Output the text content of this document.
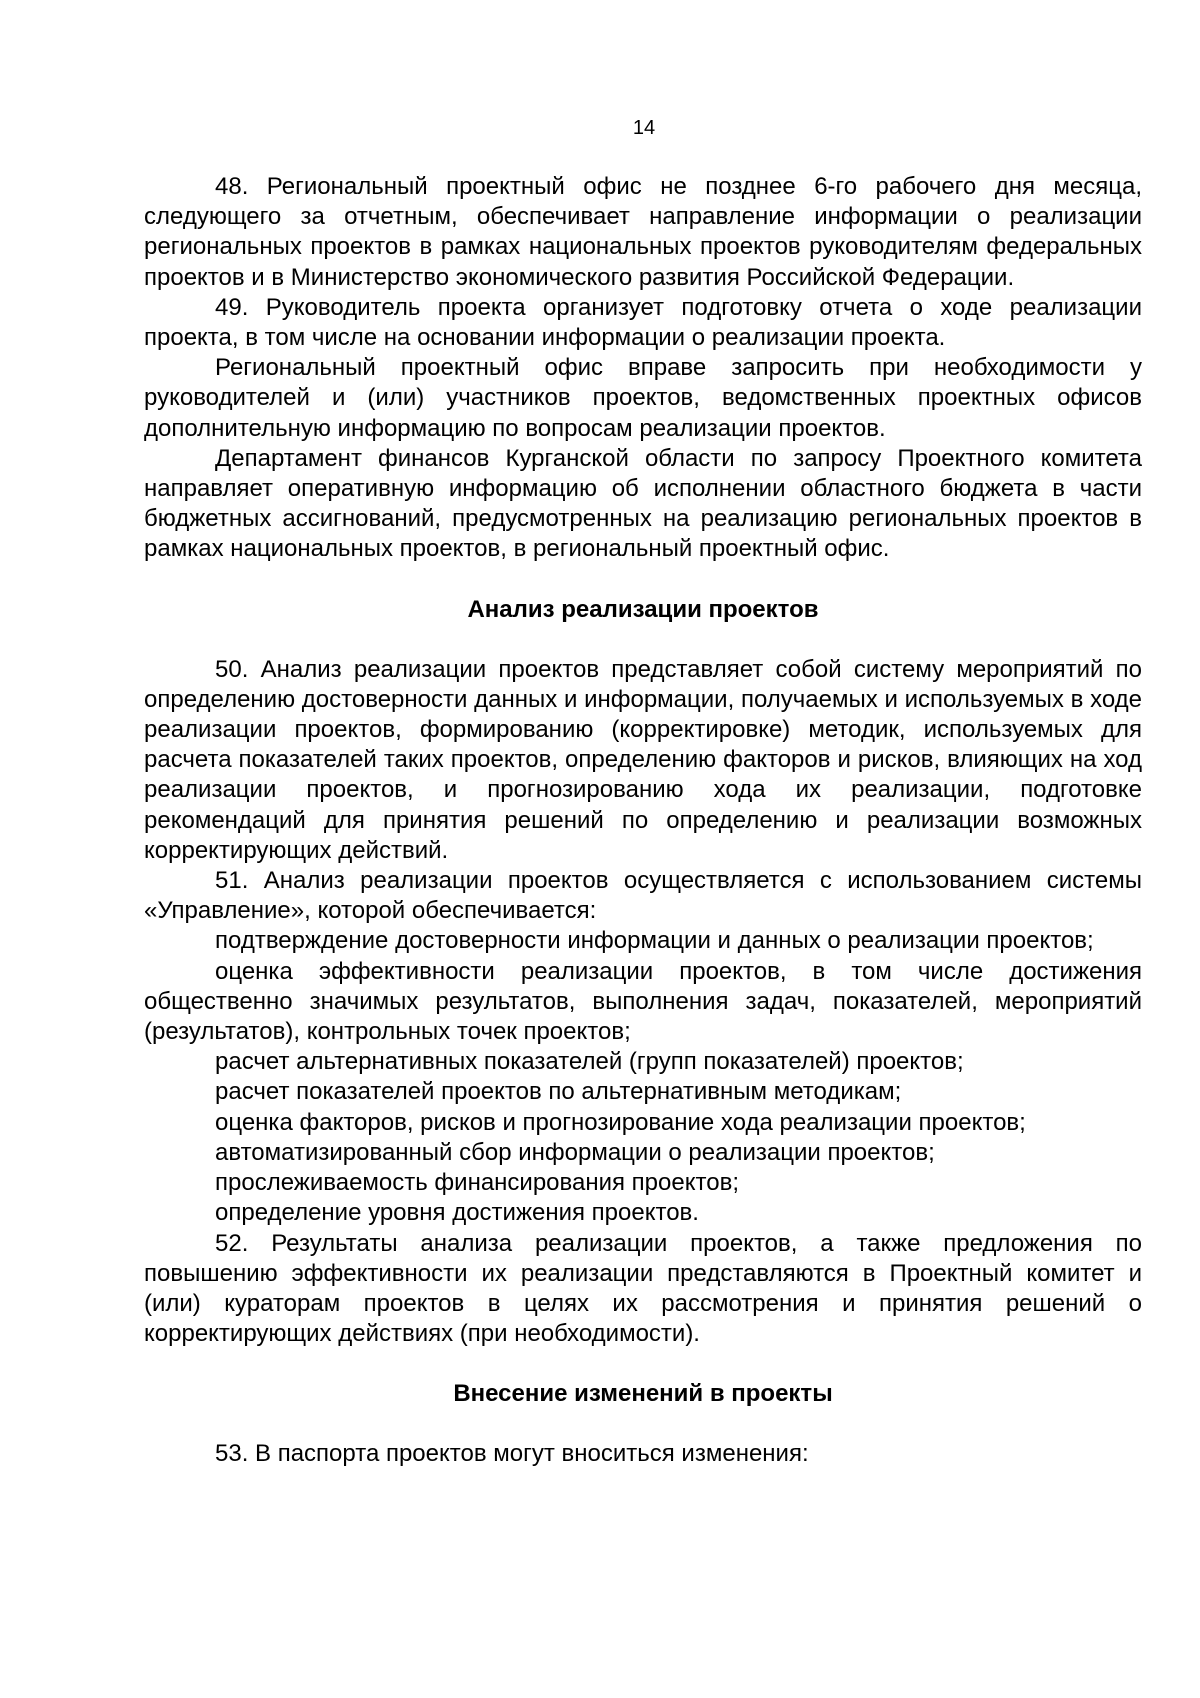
14

48. Региональный проектный офис не позднее 6-го рабочего дня месяца, следующего за отчетным, обеспечивает направление информации о реализации региональных проектов в рамках национальных проектов руководителям федеральных проектов и в Министерство экономического развития Российской Федерации.

49. Руководитель проекта организует подготовку отчета о ходе реализации проекта, в том числе на основании информации о реализации проекта.

Региональный проектный офис вправе запросить при необходимости у руководителей и (или) участников проектов, ведомственных проектных офисов дополнительную информацию по вопросам реализации проектов.

Департамент финансов Курганской области по запросу Проектного комитета направляет оперативную информацию об исполнении областного бюджета в части бюджетных ассигнований, предусмотренных на реализацию региональных проектов в рамках национальных проектов, в региональный проектный офис.

Анализ реализации проектов

50. Анализ реализации проектов представляет собой систему мероприятий по определению достоверности данных и информации, получаемых и используемых в ходе реализации проектов, формированию (корректировке) методик, используемых для расчета показателей таких проектов, определению факторов и рисков, влияющих на ход реализации проектов, и прогнозированию хода их реализации, подготовке рекомендаций для принятия решений по определению и реализации возможных корректирующих действий.

51. Анализ реализации проектов осуществляется с использованием системы «Управление», которой обеспечивается:

подтверждение достоверности информации и данных о реализации проектов;

оценка эффективности реализации проектов, в том числе достижения общественно значимых результатов, выполнения задач, показателей, мероприятий (результатов), контрольных точек проектов;

расчет альтернативных показателей (групп показателей) проектов;

расчет показателей проектов по альтернативным методикам;

оценка факторов, рисков и прогнозирование хода реализации проектов;

автоматизированный сбор информации о реализации проектов;

прослеживаемость финансирования проектов;

определение уровня достижения проектов.

52. Результаты анализа реализации проектов, а также предложения по повышению эффективности их реализации представляются в Проектный комитет и (или) кураторам проектов в целях их рассмотрения и принятия решений о корректирующих действиях (при необходимости).

Внесение изменений в проекты

53. В паспорта проектов могут вноситься изменения:
